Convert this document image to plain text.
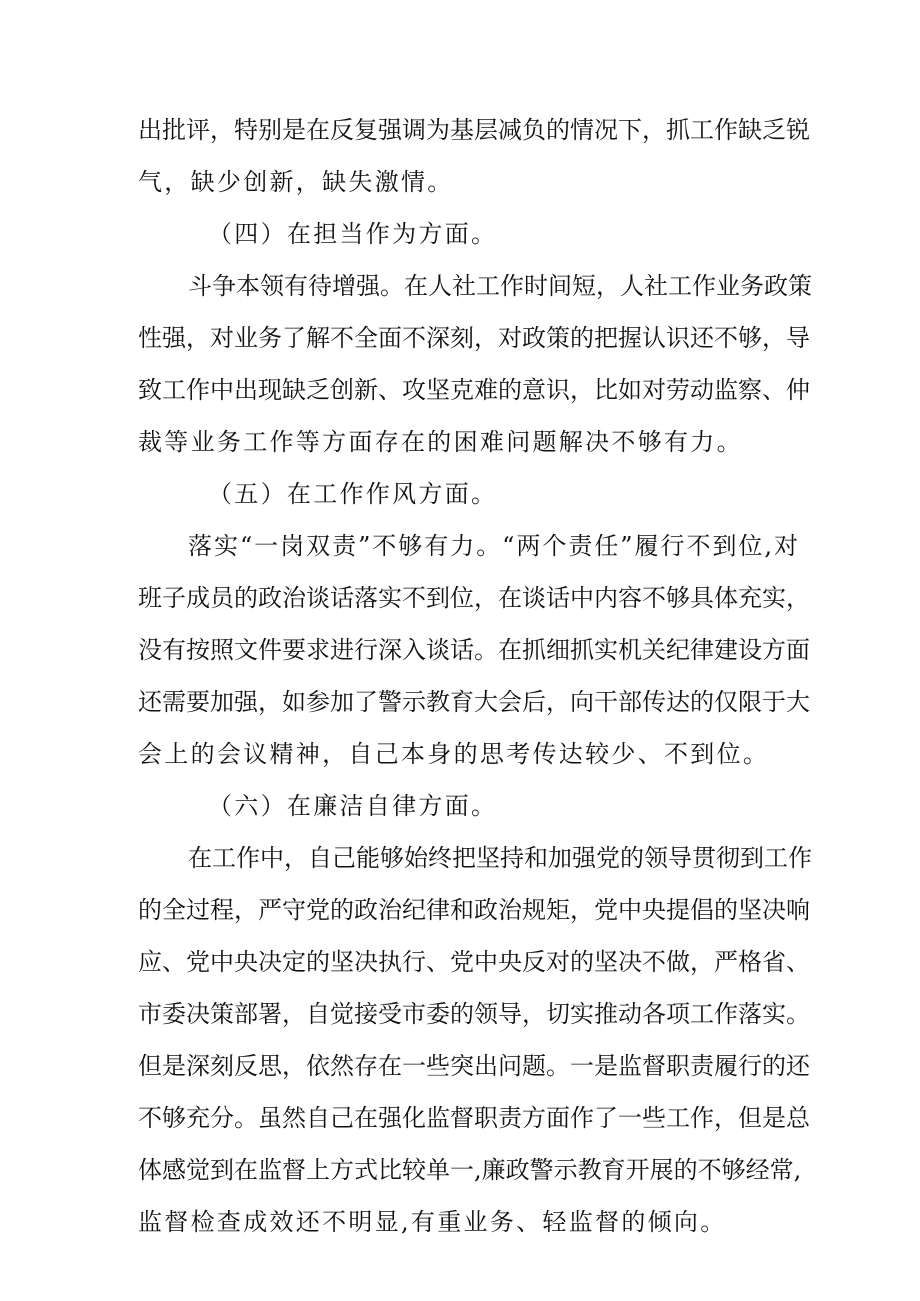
出批评，特别是在反复强调为基层减负的情况下，抓工作缺乏锐
气，缺少创新，缺失激情。
（四）在担当作为方面。
斗争本领有待增强。在人社工作时间短，人社工作业务政策
性强，对业务了解不全面不深刻，对政策的把握认识还不够，导
致工作中出现缺乏创新、攻坚克难的意识，比如对劳动监察、仲
裁等业务工作等方面存在的困难问题解决不够有力。
（五）在工作作风方面。
落实“一岗双责”不够有力。“两个责任”履行不到位,对
班子成员的政治谈话落实不到位，在谈话中内容不够具体充实，
没有按照文件要求进行深入谈话。在抓细抓实机关纪律建设方面
还需要加强，如参加了警示教育大会后，向干部传达的仅限于大
会上的会议精神，自己本身的思考传达较少、不到位。
（六）在廉洁自律方面。
在工作中，自己能够始终把坚持和加强党的领导贯彻到工作
的全过程，严守党的政治纪律和政治规矩，党中央提倡的坚决响
应、党中央决定的坚决执行、党中央反对的坚决不做，严格省、
市委决策部署，自觉接受市委的领导，切实推动各项工作落实。
但是深刻反思，依然存在一些突出问题。一是监督职责履行的还
不够充分。虽然自己在强化监督职责方面作了一些工作，但是总
体感觉到在监督上方式比较单一,廉政警示教育开展的不够经常,
监督检查成效还不明显,有重业务、轻监督的倾向。
